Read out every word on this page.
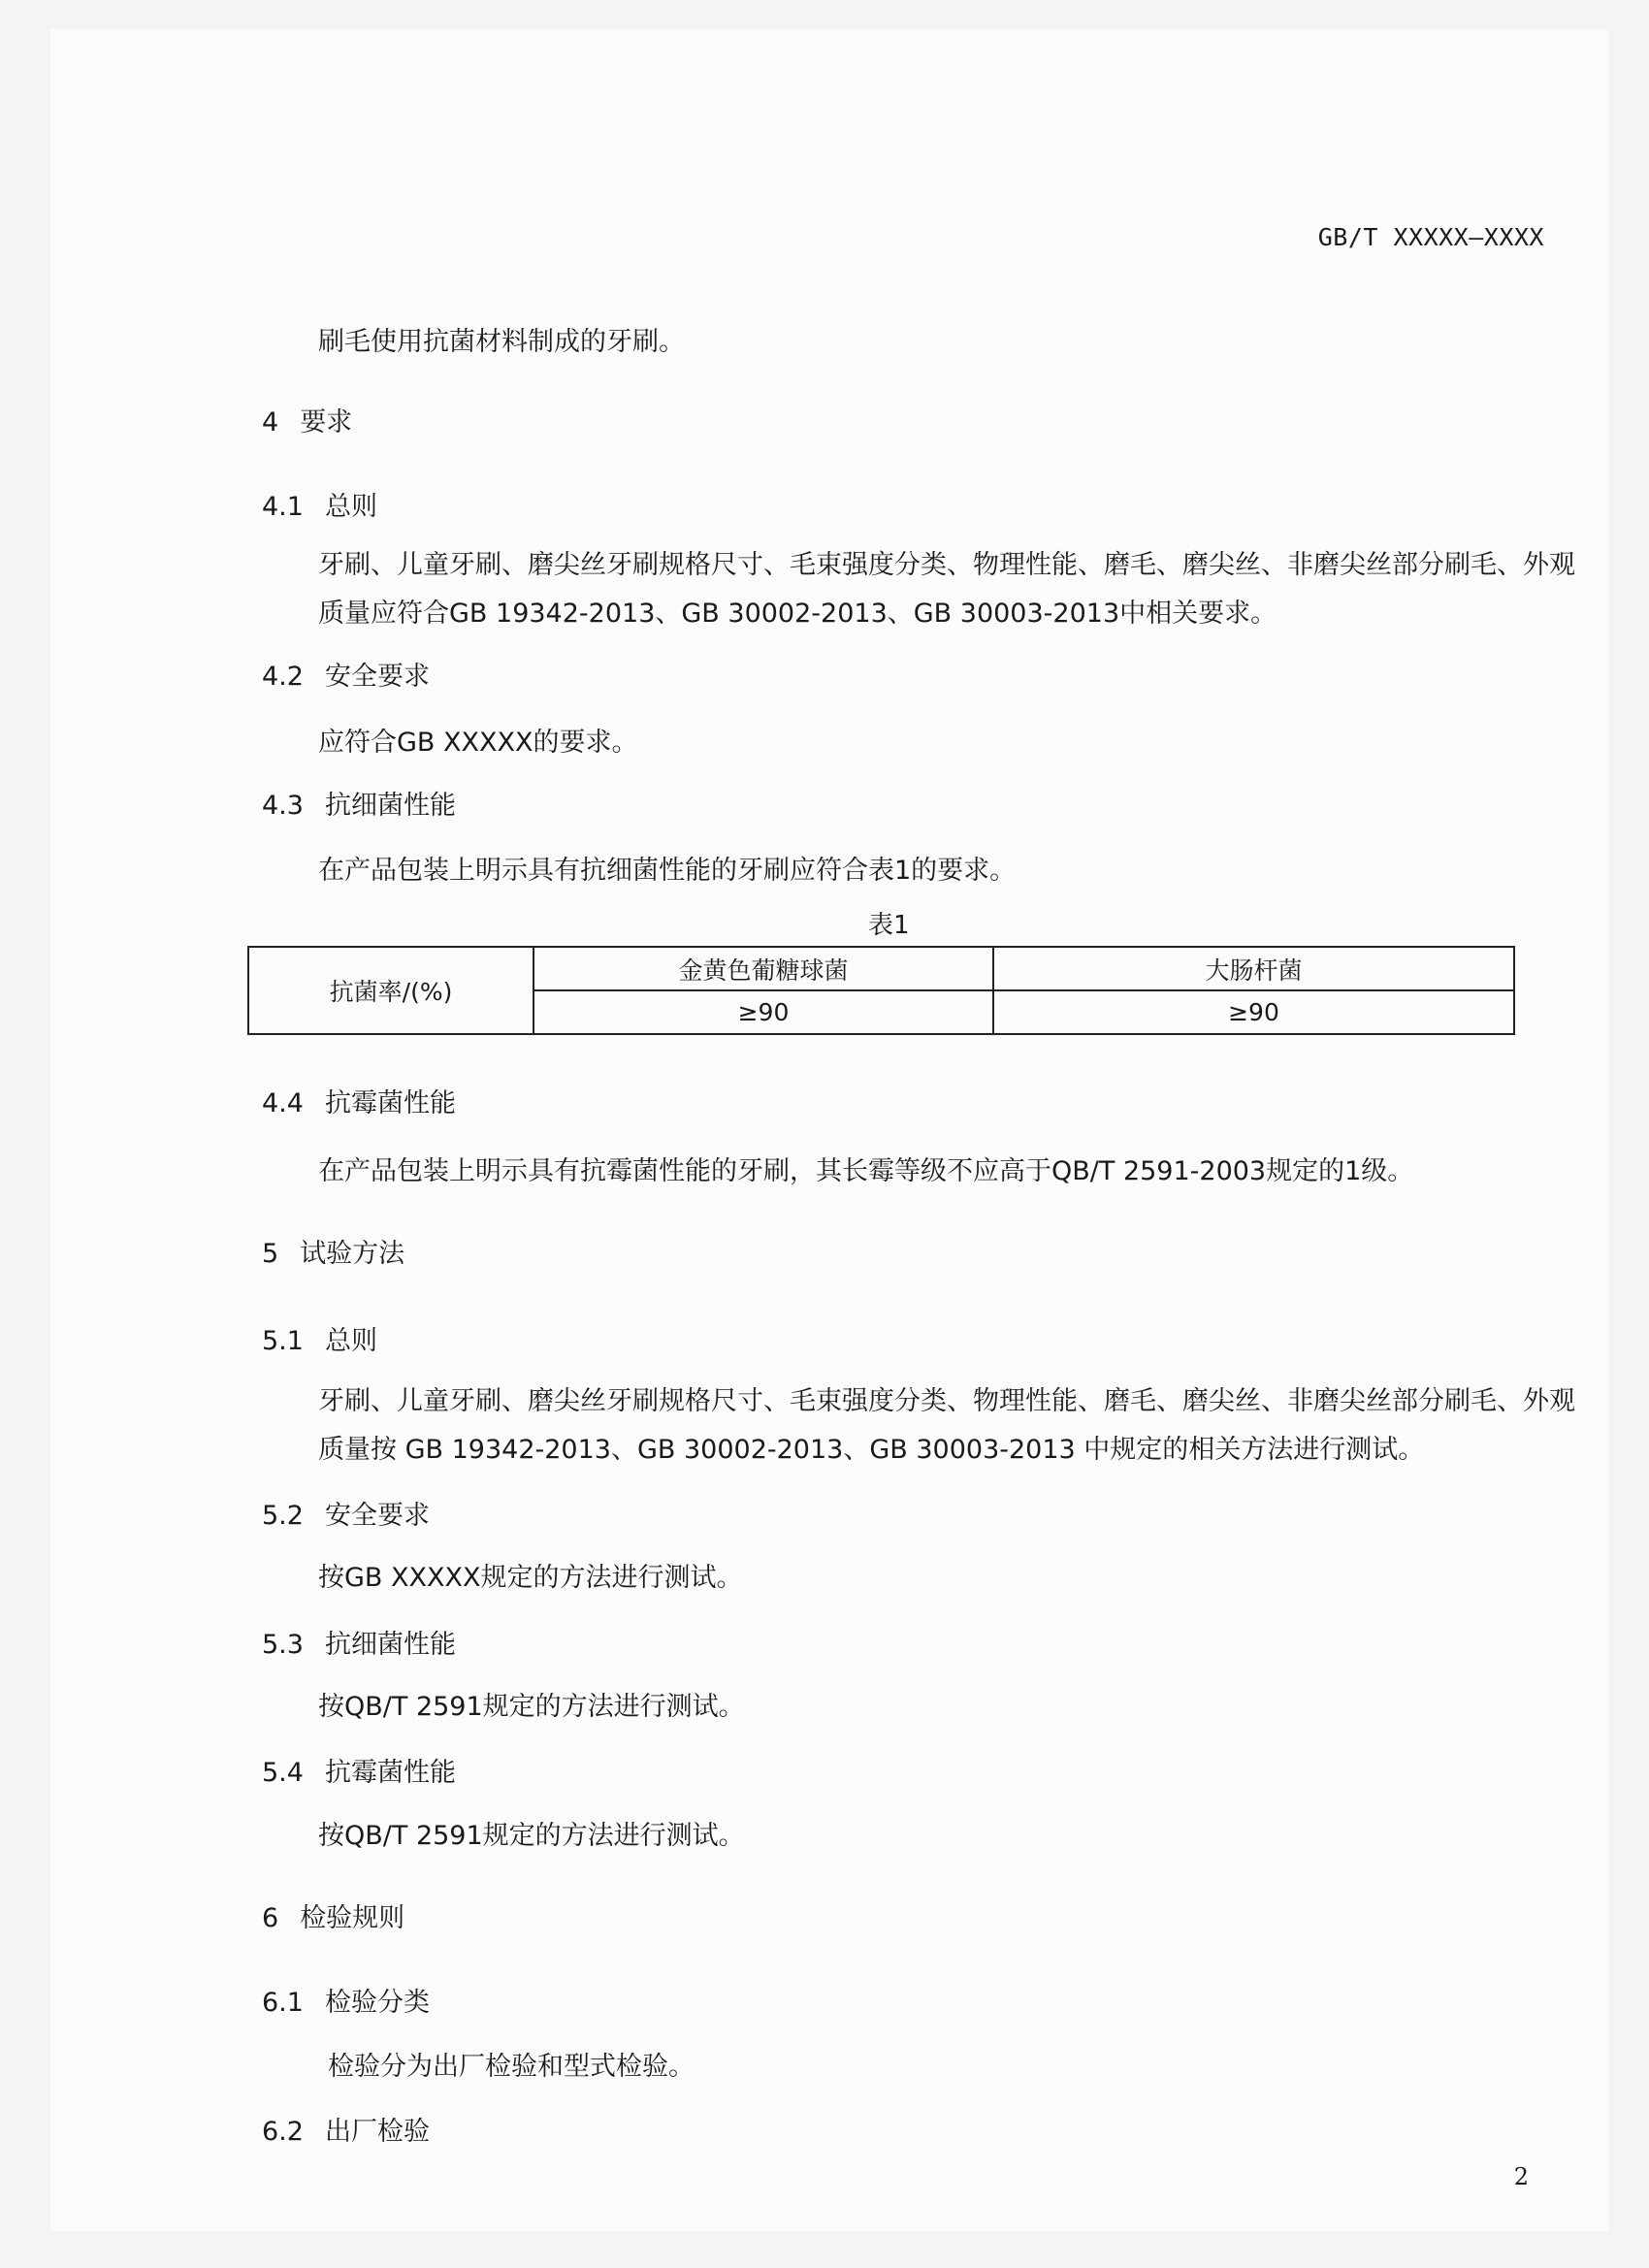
GB/T XXXXX—XXXX
刷毛使用抗菌材料制成的牙刷。
4 要求
4.1 总则
牙刷、儿童牙刷、磨尖丝牙刷规格尺寸、毛束强度分类、物理性能、磨毛、磨尖丝、非磨尖丝部分刷毛、外观质量应符合GB 19342-2013、GB 30002-2013、GB 30003-2013中相关要求。
4.2 安全要求
应符合GB XXXXX的要求。
4.3 抗细菌性能
在产品包装上明示具有抗细菌性能的牙刷应符合表1的要求。
表1
抗菌率/(%)	金黄色葡糖球菌	大肠杆菌
	≥90	≥90
4.4 抗霉菌性能
在产品包装上明示具有抗霉菌性能的牙刷，其长霉等级不应高于QB/T 2591-2003规定的1级。
5 试验方法
5.1 总则
牙刷、儿童牙刷、磨尖丝牙刷规格尺寸、毛束强度分类、物理性能、磨毛、磨尖丝、非磨尖丝部分刷毛、外观质量按 GB 19342-2013、GB 30002-2013、GB 30003-2013 中规定的相关方法进行测试。
5.2 安全要求
按GB XXXXX规定的方法进行测试。
5.3 抗细菌性能
按QB/T 2591规定的方法进行测试。
5.4 抗霉菌性能
按QB/T 2591规定的方法进行测试。
6 检验规则
6.1 检验分类
检验分为出厂检验和型式检验。
6.2 出厂检验
2
